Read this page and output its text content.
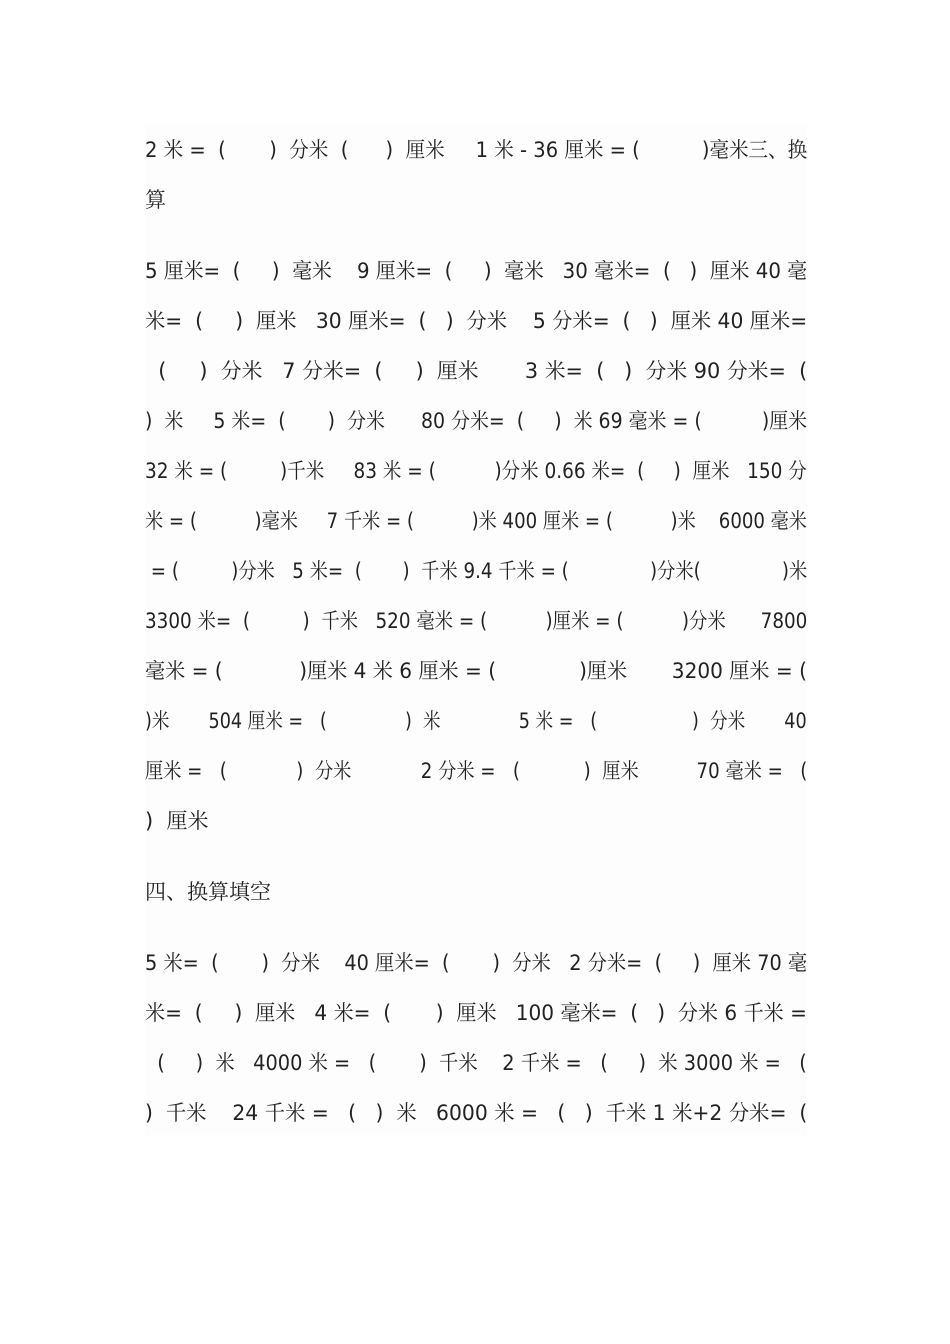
2 米 =  (       )  分米  (      )  厘米     1 米 - 36 厘米 = (          )毫米三、换
算
5 厘米=  (     )  毫米    9 厘米=  (     )  毫米   30 毫米=  (   )  厘米 40 毫
米=  (     )  厘米   30 厘米=  (   )  分米    5 分米=  (   )  厘米 40 厘米=
(     )  分米   7 分米=  (     )  厘米       3 米=  (   )  分米 90 分米=  (
)  米     5 米=  (       )  分米      80 分米=  (     )  米 69 毫米 = (          )厘米
32 米 = (         )千米     83 米 = (          )分米 0.66 米=  (     )  厘米   150 分
米 = (          )毫米     7 千米 = (          )米 400 厘米 = (          )米    6000 毫米
= (         )分米   5 米=  (       )  千米 9.4 千米 = (              )分米(              )米
3300 米=  (         )  千米   520 毫米 = (          )厘米 = (          )分米      7800
毫米 = (            )厘米 4 米 6 厘米 = (             )厘米       3200 厘米 = (
)米       504 厘米 =   (              )  米              5 米 =   (                 )  分米       40
厘米 =   (            )  分米            2 分米 =   (           )  厘米          70 毫米 =   (
)  厘米
四、换算填空
5 米=  (       )  分米    40 厘米=  (       )  分米   2 分米=  (     )  厘米 70 毫
米=  (     )  厘米   4 米=  (       )  厘米   100 毫米=  (   )  分米 6 千米 =
(     )  米   4000 米 =   (       )  千米    2 千米 =   (     )  米 3000 米 =   (
)  千米    24 千米 =   (   )  米   6000 米 =   (   )  千米 1 米+2 分米=  (
